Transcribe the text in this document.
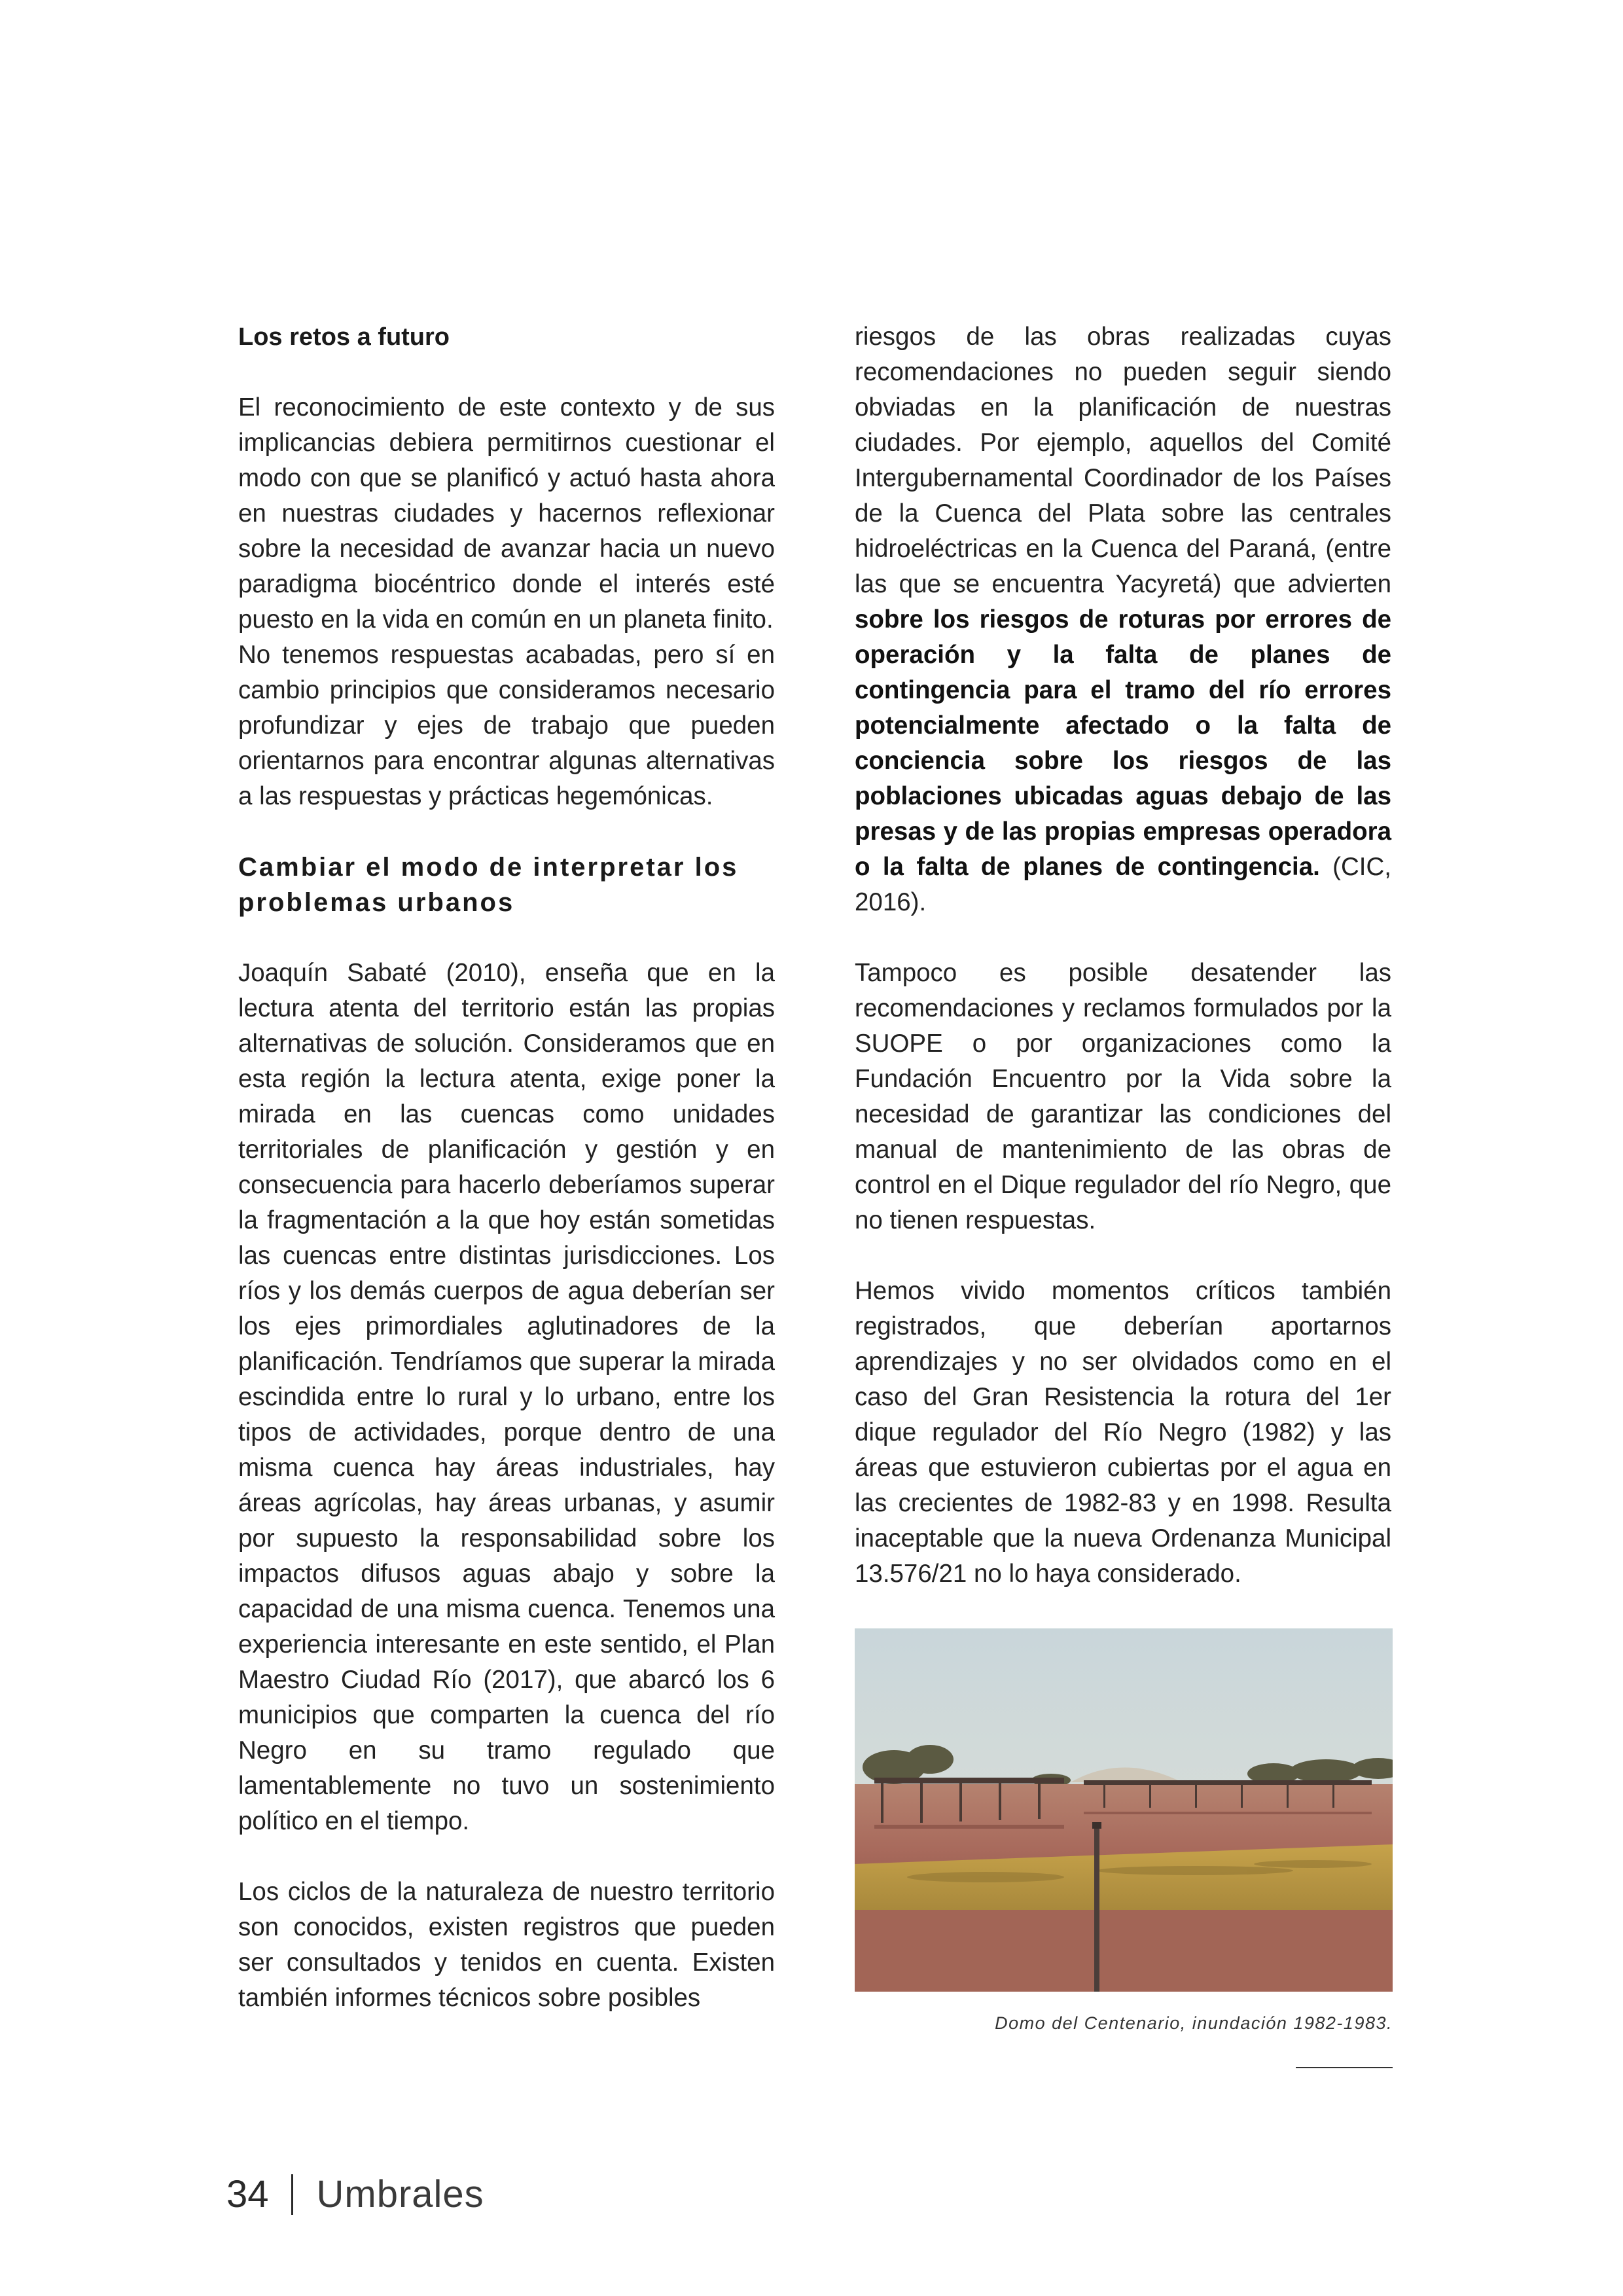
Los retos a futuro

El reconocimiento de este contexto y de sus implicancias debiera permitirnos cuestionar el modo con que se planificó y actuó hasta ahora en nuestras ciudades y hacernos reflexionar sobre la necesidad de avanzar hacia un nuevo paradigma biocéntrico donde el interés esté puesto en la vida en común en un planeta finito.

No tenemos respuestas acabadas, pero sí en cambio principios que consideramos necesario profundizar y ejes de trabajo que pueden orientarnos para encontrar algunas alternativas a las respuestas y prácticas hegemónicas.

Cambiar el modo de interpretar los problemas urbanos

Joaquín Sabaté (2010), enseña que en la lectura atenta del territorio están las propias alternativas de solución. Consideramos que en esta región la lectura atenta, exige poner la mirada en las cuencas como unidades territoriales de planificación y gestión y en consecuencia para hacerlo deberíamos superar la fragmentación a la que hoy están sometidas las cuencas entre distintas jurisdicciones. Los ríos y los demás cuerpos de agua deberían ser los ejes primordiales aglutinadores de la planificación. Tendríamos que superar la mirada escindida entre lo rural y lo urbano, entre los tipos de actividades, porque dentro de una misma cuenca hay áreas industriales, hay áreas agrícolas, hay áreas urbanas, y asumir por supuesto la responsabilidad sobre los impactos difusos aguas abajo y sobre la capacidad de una misma cuenca. Tenemos una experiencia interesante en este sentido, el Plan Maestro Ciudad Río (2017), que abarcó los 6 municipios que comparten la cuenca del río Negro en su tramo regulado que lamentablemente no tuvo un sostenimiento político en el tiempo.

Los ciclos de la naturaleza de nuestro territorio son conocidos, existen registros que pueden ser consultados y tenidos en cuenta. Existen también informes técnicos sobre posibles

riesgos de las obras realizadas cuyas recomendaciones no pueden seguir siendo obviadas en la planificación de nuestras ciudades. Por ejemplo, aquellos del Comité Intergubernamental Coordinador de los Países de la Cuenca del Plata sobre las centrales hidroeléctricas en la Cuenca del Paraná, (entre las que se encuentra Yacyretá) que advierten sobre los riesgos de roturas por errores de operación y la falta de planes de contingencia para el tramo del río errores potencialmente afectado o la falta de conciencia sobre los riesgos de las poblaciones ubicadas aguas debajo de las presas y de las propias empresas operadora o la falta de planes de contingencia. (CIC, 2016).

Tampoco es posible desatender las recomendaciones y reclamos formulados por la SUOPE o por organizaciones como la Fundación Encuentro por la Vida sobre la necesidad de garantizar las condiciones del manual de mantenimiento de las obras de control en el Dique regulador del río Negro, que no tienen respuestas.

Hemos vivido momentos críticos también registrados, que deberían aportarnos aprendizajes y no ser olvidados como en el caso del Gran Resistencia la rotura del 1er dique regulador del Río Negro (1982) y las áreas que estuvieron cubiertas por el agua en las crecientes de 1982-83 y en 1998. Resulta inaceptable que la nueva Ordenanza Municipal 13.576/21 no lo haya considerado.

Domo del Centenario, inundación 1982-1983.
34 Umbrales
